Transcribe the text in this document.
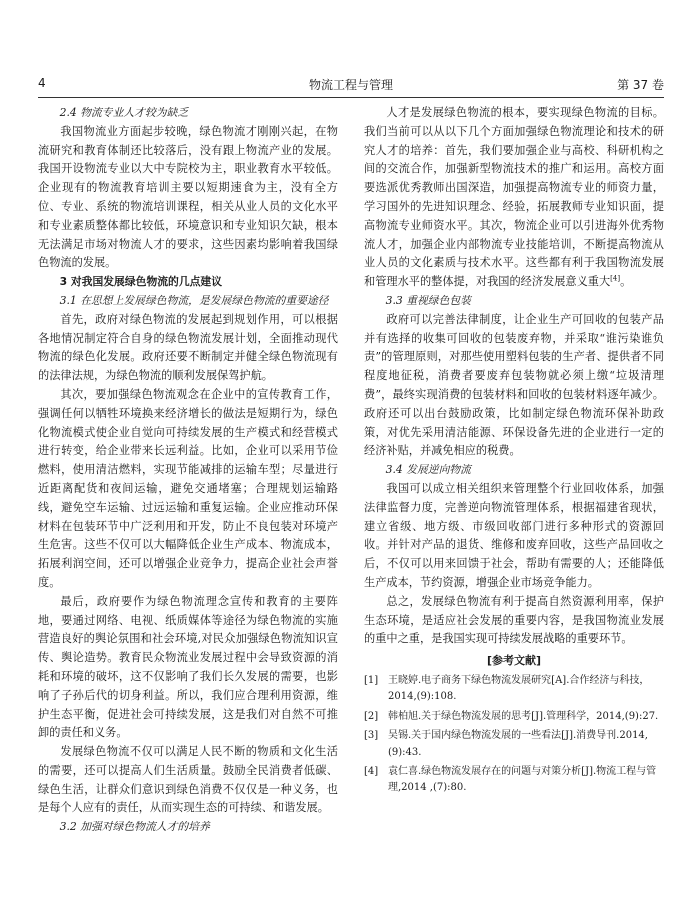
4	物流工程与管理	第 37 卷

2.4 物流专业人才较为缺乏

我国物流业方面起步较晚，绿色物流才刚刚兴起，在物流研究和教育体制还比较落后，没有跟上物流产业的发展。我国开设物流专业以大中专院校为主，职业教育水平较低。企业现有的物流教育培训主要以短期速食为主，没有全方位、专业、系统的物流培训课程，相关从业人员的文化水平和专业素质整体都比较低，环境意识和专业知识欠缺，根本无法满足市场对物流人才的要求，这些因素均影响着我国绿色物流的发展。

3 对我国发展绿色物流的几点建议

3.1 在思想上发展绿色物流，是发展绿色物流的重要途径

首先，政府对绿色物流的发展起到规划作用，可以根据各地情况制定符合自身的绿色物流发展计划，全面推动现代物流的绿色化发展。政府还要不断制定并健全绿色物流现有的法律法规，为绿色物流的顺利发展保驾护航。

其次，要加强绿色物流观念在企业中的宣传教育工作，强调任何以牺牲环境换来经济增长的做法是短期行为，绿色化物流模式使企业自觉向可持续发展的生产模式和经营模式进行转变，给企业带来长远利益。比如，企业可以采用节俭燃料，使用清洁燃料，实现节能减排的运输车型；尽量进行近距离配货和夜间运输，避免交通堵塞；合理规划运输路线，避免空车运输、过远运输和重复运输。企业应推动环保材料在包装环节中广泛利用和开发，防止不良包装对环境产生危害。这些不仅可以大幅降低企业生产成本、物流成本，拓展利润空间，还可以增强企业竞争力，提高企业社会声誉度。

最后，政府要作为绿色物流理念宣传和教育的主要阵地，要通过网络、电视、纸质媒体等途径为绿色物流的实施营造良好的舆论氛围和社会环境,对民众加强绿色物流知识宣传、舆论造势。教育民众物流业发展过程中会导致资源的消耗和环境的破坏，这不仅影响了我们长久发展的需要，也影响了子孙后代的切身利益。所以，我们应合理利用资源，维护生态平衡，促进社会可持续发展，这是我们对自然不可推卸的责任和义务。

发展绿色物流不仅可以满足人民不断的物质和文化生活的需要，还可以提高人们生活质量。鼓励全民消费者低碳、绿色生活，让群众们意识到绿色消费不仅仅是一种义务，也是每个人应有的责任，从而实现生态的可持续、和谐发展。

3.2 加强对绿色物流人才的培养

人才是发展绿色物流的根本，要实现绿色物流的目标。我们当前可以从以下几个方面加强绿色物流理论和技术的研究人才的培养：首先，我们要加强企业与高校、科研机构之间的交流合作，加强新型物流技术的推广和运用。高校方面要选派优秀教师出国深造，加强提高物流专业的师资力量，学习国外的先进知识理念、经验，拓展教师专业知识面，提高物流专业师资水平。其次，物流企业可以引进海外优秀物流人才，加强企业内部物流专业技能培训，不断提高物流从业人员的文化素质与技术水平。这些都有利于我国物流发展和管理水平的整体提，对我国的经济发展意义重大[4]。

3.3 重视绿色包装

政府可以完善法律制度，让企业生产可回收的包装产品并有选择的收集可回收的包装废弃物，并采取“谁污染谁负责”的管理原则，对那些使用塑料包装的生产者、提供者不同程度地征税，消费者要废弃包装物就必须上缴“垃圾清理费”，最终实现消费的包装材料和回收的包装材料逐年减少。政府还可以出台鼓励政策，比如制定绿色物流环保补助政策，对优先采用清洁能源、环保设备先进的企业进行一定的经济补贴，并减免相应的税费。

3.4 发展逆向物流

我国可以成立相关组织来管理整个行业回收体系，加强法律监督力度，完善逆向物流管理体系，根据福建省现状，建立省级、地方级、市级回收部门进行多种形式的资源回收。并针对产品的退货、维修和废弃回收，这些产品回收之后，不仅可以用来回馈于社会，帮助有需要的人；还能降低生产成本，节约资源，增强企业市场竞争能力。

总之，发展绿色物流有利于提高自然资源利用率，保护生态环境，是适应社会发展的重要内容，是我国物流业发展的重中之重，是我国实现可持续发展战略的重要环节。

[参考文献]
[1] 王晓婷.电子商务下绿色物流发展研究[A].合作经济与科技，2014,(9):108.
[2] 韩柏旭.关于绿色物流发展的思考[J].管理科学，2014,(9):27.
[3] 吴锡.关于国内绿色物流发展的一些看法[J].消费导刊.2014,(9):43.
[4] 袁仁喜.绿色物流发展存在的问题与对策分析[J].物流工程与管理,2014 ,(7):80.
